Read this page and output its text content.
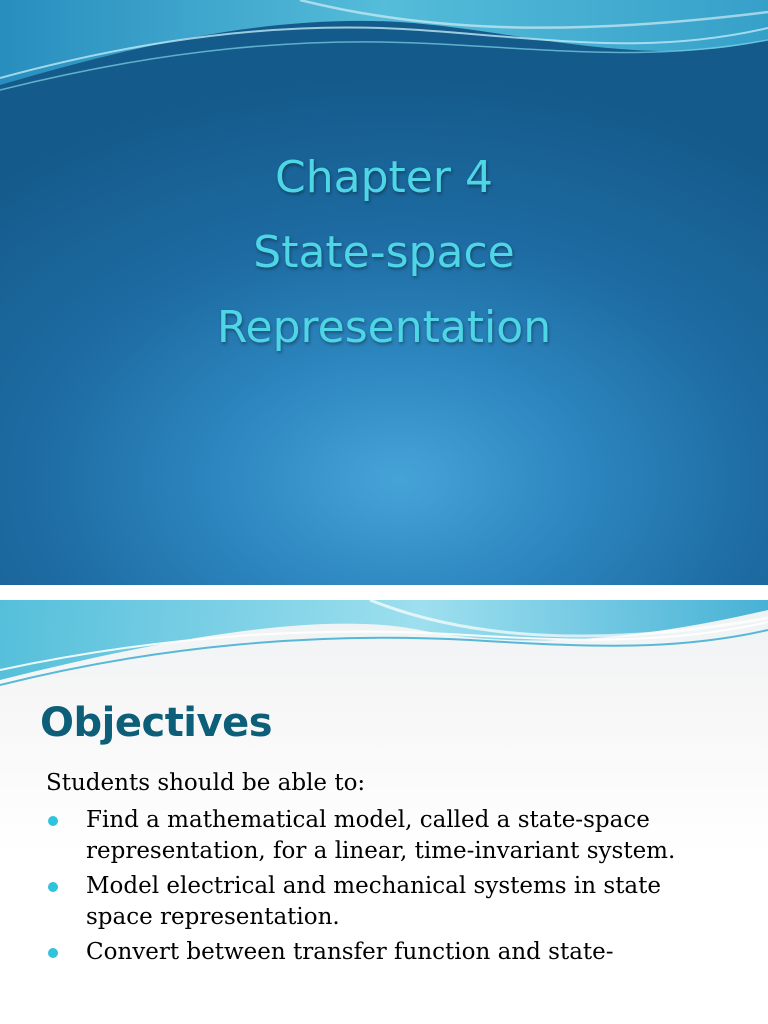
Chapter 4
State-space
Representation
Objectives

Students should be able to:

Find a mathematical model, called a state-space representation, for a linear, time-invariant system.
Model electrical and mechanical systems in state space representation.
Convert between transfer function and state-
